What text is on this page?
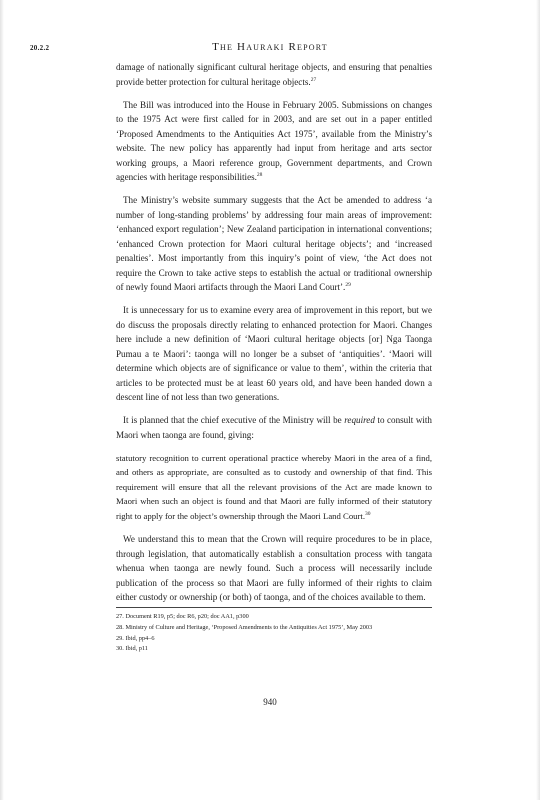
20.2.2	The Hauraki Report

damage of nationally significant cultural heritage objects, and ensuring that penalties provide better protection for cultural heritage objects.$^{27}$

The Bill was introduced into the House in February 2005. Submissions on changes to the 1975 Act were first called for in 2003, and are set out in a paper entitled ‘Proposed Amendments to the Antiquities Act 1975’, available from the Ministry’s website. The new policy has apparently had input from heritage and arts sector working groups, a Maori reference group, Government departments, and Crown agencies with heritage responsibilities.$^{28}$

The Ministry’s website summary suggests that the Act be amended to address ‘a number of long-standing problems’ by addressing four main areas of improvement: ‘enhanced export regulation’; New Zealand participation in international conventions; ‘enhanced Crown protection for Maori cultural heritage objects’; and ‘increased penalties’. Most importantly from this inquiry’s point of view, ‘the Act does not require the Crown to take active steps to establish the actual or traditional ownership of newly found Maori artifacts through the Maori Land Court’.$^{29}$

It is unnecessary for us to examine every area of improvement in this report, but we do discuss the proposals directly relating to enhanced protection for Maori. Changes here include a new definition of ‘Maori cultural heritage objects [or] Nga Taonga Pumau a te Maori’: taonga will no longer be a subset of ‘antiquities’. ‘Maori will determine which objects are of significance or value to them’, within the criteria that articles to be protected must be at least 60 years old, and have been handed down a descent line of not less than two generations.

It is planned that the chief executive of the Ministry will be required to consult with Maori when taonga are found, giving:

statutory recognition to current operational practice whereby Maori in the area of a find, and others as appropriate, are consulted as to custody and ownership of that find. This requirement will ensure that all the relevant provisions of the Act are made known to Maori when such an object is found and that Maori are fully informed of their statutory right to apply for the object’s ownership through the Maori Land Court.$^{30}$

We understand this to mean that the Crown will require procedures to be in place, through legislation, that automatically establish a consultation process with tangata whenua when taonga are newly found. Such a process will necessarily include publication of the process so that Maori are fully informed of their rights to claim either custody or ownership (or both) of taonga, and of the choices available to them.

27. Document R19, p5; doc R6, p20; doc AA1, p300
28. Ministry of Culture and Heritage, ‘Proposed Amendments to the Antiquities Act 1975’, May 2003
29. Ibid, pp4–6
30. Ibid, p11
940
